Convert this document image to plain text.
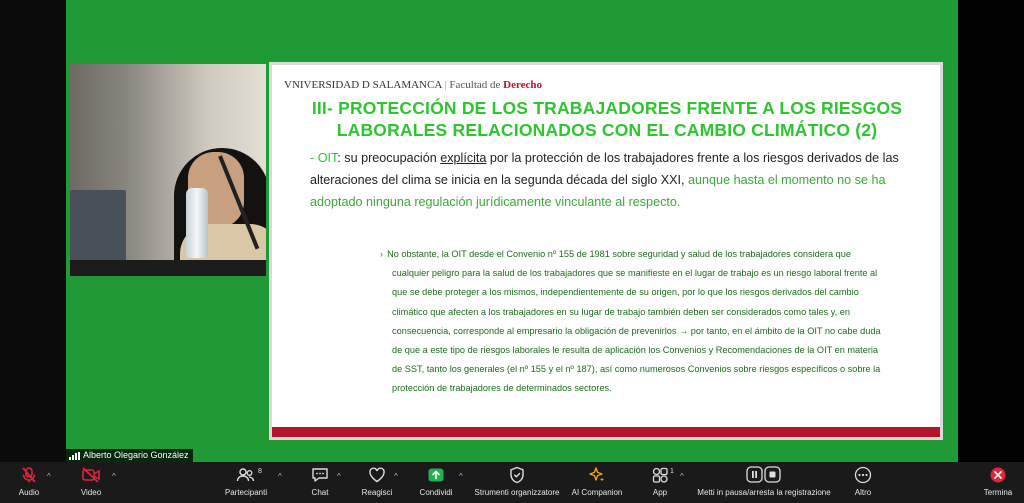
Alberto Olegario González
VNIVERSIDAD D SALAMANCA | Facultad de Derecho
III- PROTECCIÓN DE LOS TRABAJADORES FRENTE A LOS RIESGOS
LABORALES RELACIONADOS CON EL CAMBIO CLIMÁTICO (2)
- OIT: su preocupación explícita por la protección de los trabajadores frente a los riesgos derivados de las alteraciones del clima se inicia en la segunda década del siglo XXI, aunque hasta el momento no se ha adoptado ninguna regulación jurídicamente vinculante al respecto.
› No obstante, la OIT desde el Convenio nº 155 de 1981 sobre seguridad y salud de los trabajadores considera que cualquier peligro para la salud de los trabajadores que se manifieste en el lugar de trabajo es un riesgo laboral frente al que se debe proteger a los mismos, independientemente de su origen, por lo que los riesgos derivados del cambio climático que afecten a los trabajadores en su lugar de trabajo también deben ser considerados como tales y, en consecuencia, corresponde al empresario la obligación de prevenirlos → por tanto, en el ámbito de la OIT no cabe duda de que a este tipo de riesgos laborales le resulta de aplicación los Convenios y Recomendaciones de la OIT en materia de SST, tanto los generales (el nº 155 y el nº 187), así como numerosos Convenios sobre riesgos específicos o sobre la protección de trabajadores de determinados sectores.
Audio
^
Video
^
Partecipanti
8
^
Chat
^
Reagisci
^
Condividi
^
Strumenti organizzatore AI Companion	App
1
^
Metti in pausa/arresta la registrazione	Altro	Termina
